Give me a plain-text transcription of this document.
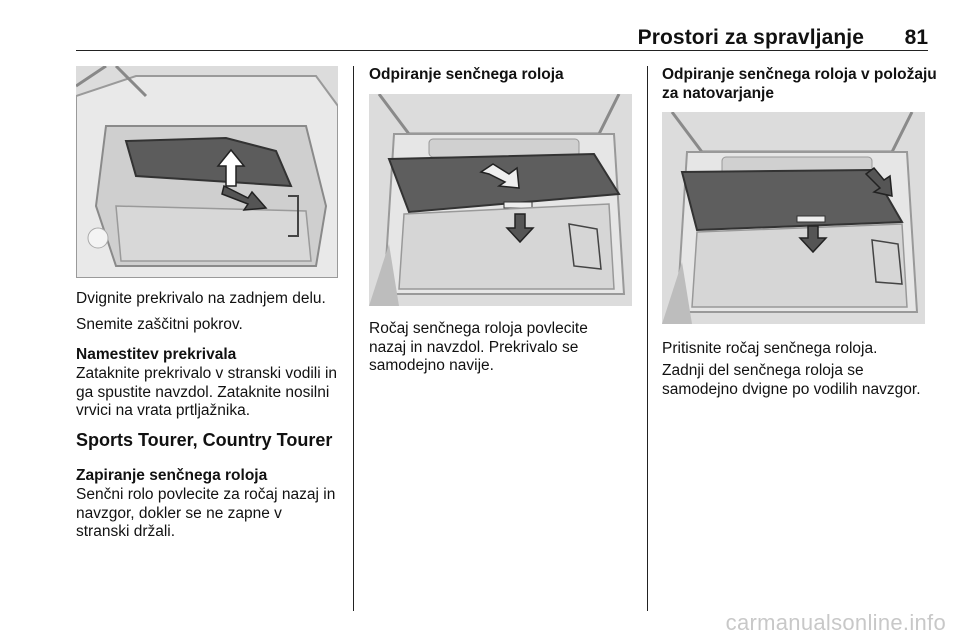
Prostori za spravljanje 81

Dvignite prekrivalo na zadnjem delu.

Snemite zaščitni pokrov.

Namestitev prekrivala

Zataknite prekrivalo v stranski vodili in

ga spustite navzdol. Zataknite nosilni

vrvici na vrata prtljažnika.

Sports Tourer, Country Tourer

Zapiranje senčnega roloja

Senčni rolo povlecite za ročaj nazaj in

navzgor, dokler se ne zapne v

stranski držali.

Odpiranje senčnega roloja

Ročaj senčnega roloja povlecite

nazaj in navzdol. Prekrivalo se

samodejno navije.

Odpiranje senčnega roloja v položaju

za natovarjanje

Pritisnite ročaj senčnega roloja.

Zadnji del senčnega roloja se

samodejno dvigne po vodilih navzgor.

carmanualsonline.info
